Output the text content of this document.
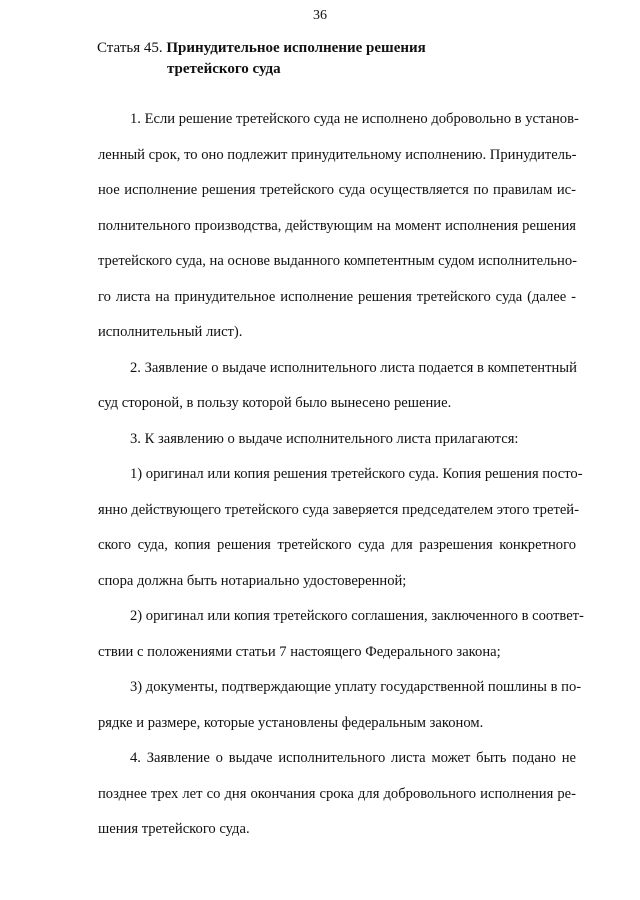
36
Статья 45. Принудительное исполнение решения
третейского суда
1. Если решение третейского суда не исполнено добровольно в установ-
ленный срок, то оно подлежит принудительному исполнению. Принудитель-
ное исполнение решения третейского суда осуществляется по правилам ис-
полнительного производства, действующим на момент исполнения решения
третейского суда, на основе выданного компетентным судом исполнительно-
го листа на принудительное исполнение решения третейского суда (далее -
исполнительный лист).
2. Заявление о выдаче исполнительного листа подается в компетентный
суд стороной, в пользу которой было вынесено решение.
3. К заявлению о выдаче исполнительного листа прилагаются:
1) оригинал или копия решения третейского суда. Копия решения посто-
янно действующего третейского суда заверяется председателем этого третей-
ского суда, копия решения третейского суда для разрешения конкретного
спора должна быть нотариально удостоверенной;
2) оригинал или копия третейского соглашения, заключенного в соответ-
ствии с положениями статьи 7 настоящего Федерального закона;
3) документы, подтверждающие уплату государственной пошлины в по-
рядке и размере, которые установлены федеральным законом.
4. Заявление о выдаче исполнительного листа может быть подано не
позднее трех лет со дня окончания срока для добровольного исполнения ре-
шения третейского суда.
